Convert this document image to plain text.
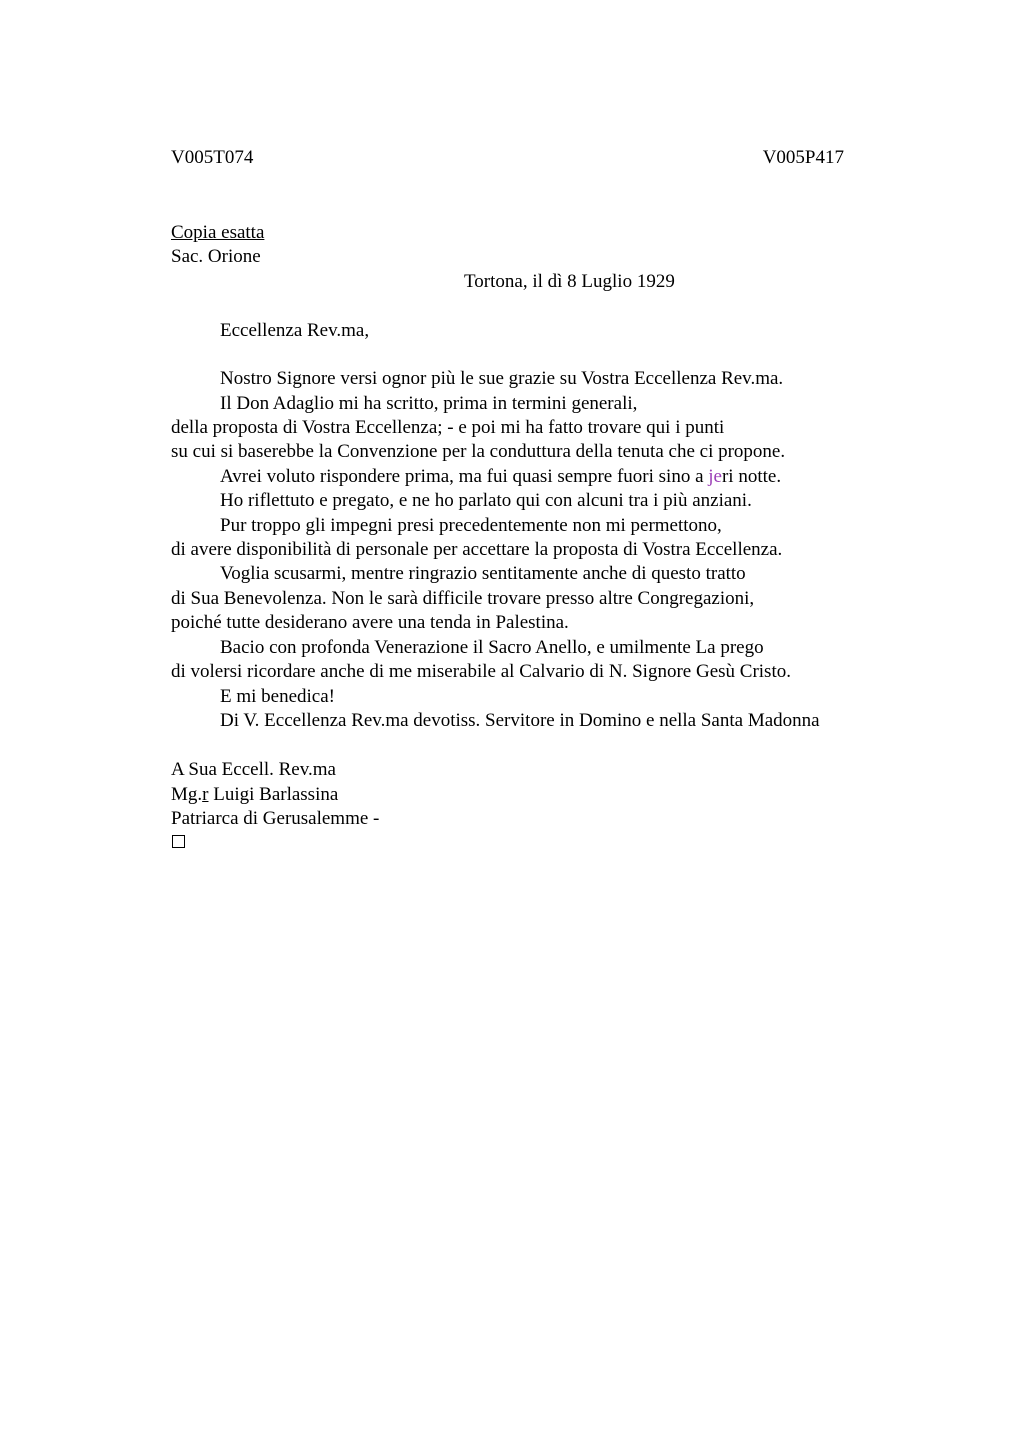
V005T074	V005P417
Copia esatta
Sac. Orione
Tortona, il dì 8 Luglio 1929
Eccellenza Rev.ma,
Nostro Signore versi ognor più le sue grazie su Vostra Eccellenza Rev.ma.
Il Don Adaglio mi ha scritto, prima in termini generali,
della proposta di Vostra Eccellenza; - e poi mi ha fatto trovare qui i punti
su cui si baserebbe la Convenzione per la conduttura della tenuta che ci propone.
Avrei voluto rispondere prima, ma fui quasi sempre fuori sino a jeri notte.
Ho riflettuto e pregato, e ne ho parlato qui con alcuni tra i più anziani.
Pur troppo gli impegni presi precedentemente non mi permettono,
di avere disponibilità di personale per accettare la proposta di Vostra Eccellenza.
Voglia scusarmi, mentre ringrazio sentitamente anche di questo tratto
di Sua Benevolenza. Non le sarà difficile trovare presso altre Congregazioni,
poiché tutte desiderano avere una tenda in Palestina.
Bacio con profonda Venerazione il Sacro Anello, e umilmente La prego
di volersi ricordare anche di me miserabile al Calvario di N. Signore Gesù Cristo.
E mi benedica!
Di V. Eccellenza Rev.ma devotiss. Servitore in Domino e nella Santa Madonna
A Sua Eccell. Rev.ma
Mg.r Luigi Barlassina
Patriarca di Gerusalemme -
